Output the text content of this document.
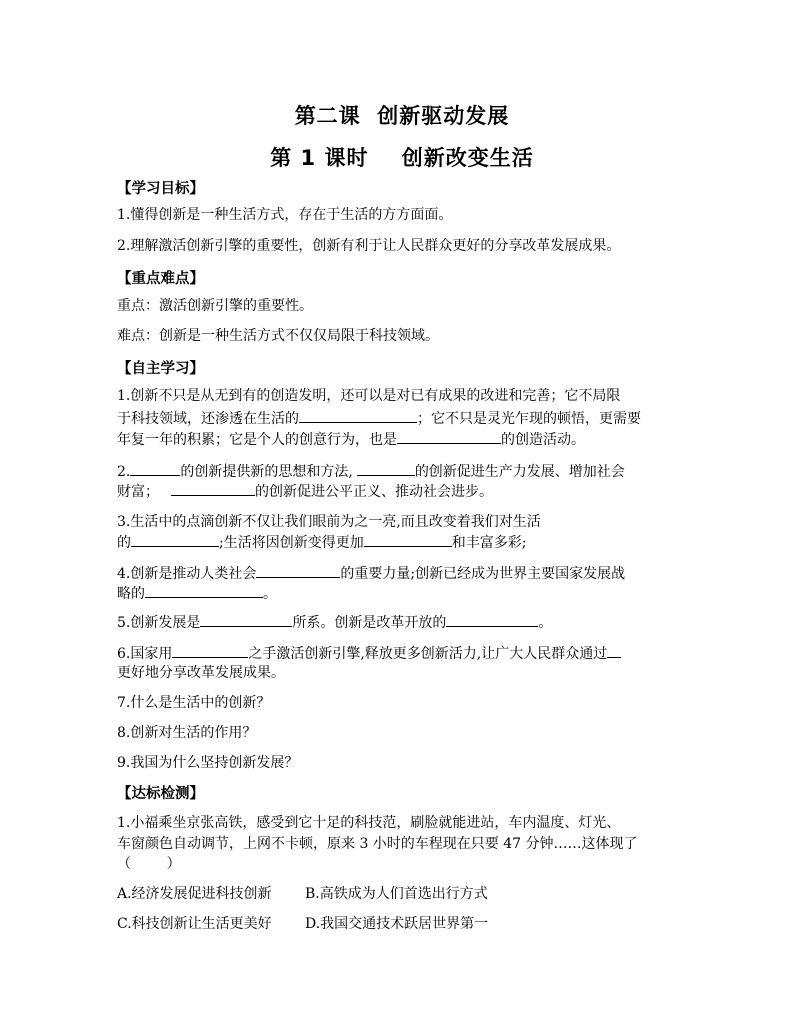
第二课  创新驱动发展
第 1 课时    创新改变生活
【学习目标】
1.懂得创新是一种生活方式，存在于生活的方方面面。
2.理解激活创新引擎的重要性，创新有利于让人民群众更好的分享改革发展成果。
【重点难点】
重点：激活创新引擎的重要性。
难点：创新是一种生活方式不仅仅局限于科技领域。
【自主学习】
1.创新不只是从无到有的创造发明，还可以是对已有成果的改进和完善；它不局限
于科技领域，还渗透在生活的	；它不只是灵光乍现的顿悟，更需要
年复一年的积累；它是个人的创意行为，也是	的创造活动。
2.	的创新提供新的思想和方法,	的创新促进生产力发展、增加社会
财富；	的创新促进公平正义、推动社会进步。
3.生活中的点滴创新不仅让我们眼前为之一亮,而且改变着我们对生活
的	;生活将因创新变得更加	和丰富多彩;
4.创新是推动人类社会	的重要力量;创新已经成为世界主要国家发展战
略的	。
5.创新发展是	所系。创新是改革开放的	。
6.国家用	之手激活创新引擎,释放更多创新活力,让广大人民群众通过
更好地分享改革发展成果。
7.什么是生活中的创新？
8.创新对生活的作用？
9.我国为什么坚持创新发展？
【达标检测】
1.小福乘坐京张高铁，感受到它十足的科技范，刷脸就能进站，车内温度、灯光、
车窗颜色自动调节，上网不卡顿，原来 3 小时的车程现在只要 47 分钟……这体现了
（        ）
A.经济发展促进科技创新 B.高铁成为人们首选出行方式
C.科技创新让生活更美好 D.我国交通技术跃居世界第一
